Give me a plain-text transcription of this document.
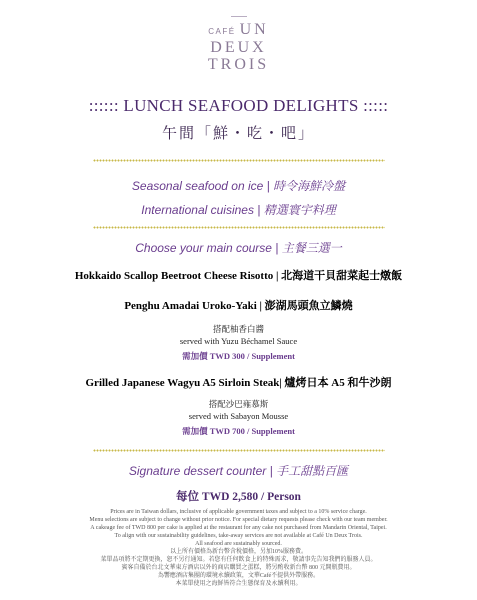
CAFÉ UN
DEUX
TROIS
:::::: LUNCH SEAFOOD DELIGHTS :::::
午間「鮮・吃・吧」
Seasonal seafood on ice | 時令海鮮冷盤
International cuisines | 精選寰宇料理
Choose your main course | 主餐三選一
Hokkaido Scallop Beetroot Cheese Risotto | 北海道干貝甜菜起士燉飯
Penghu Amadai Uroko-Yaki | 澎湖馬頭魚立鱗燒
搭配柚香白醬
served with Yuzu Béchamel Sauce
需加價 TWD 300 / Supplement
Grilled Japanese Wagyu A5 Sirloin Steak| 爐烤日本 A5 和牛沙朗
搭配沙巴雍慕斯
served with Sabayon Mousse
需加價 TWD 700 / Supplement
Signature dessert counter | 手工甜點百匯
每位 TWD 2,580 / Person
Prices are in Taiwan dollars, inclusive of applicable government taxes and subject to a 10% service charge.
Menu selections are subject to change without prior notice. For special dietary requests please check with our team member.
A cakeage fee of TWD 800 per cake is applied at the restaurant for any cake not purchased from Mandarin Oriental, Taipei.
To align with our sustainability guidelines, take-away services are not available at Café Un Deux Trois.
All seafood are sustainably sourced.
以上所有價格為新台幣含稅價格，另加10%服務費。
菜單品項將不定期更換，恕不另行通知。若您有任何飲食上的特殊需求，敬請事先告知我們的服務人員。
賓客自備於台北文華東方酒店以外的商店購買之蛋糕，將另酌收新台幣 800 元開瓶費用。
為響應酒店集團的環境永續政策，文華Café不提供外帶服務。
本菜單使用之海鮮皆符合生態保育及永續利用。
